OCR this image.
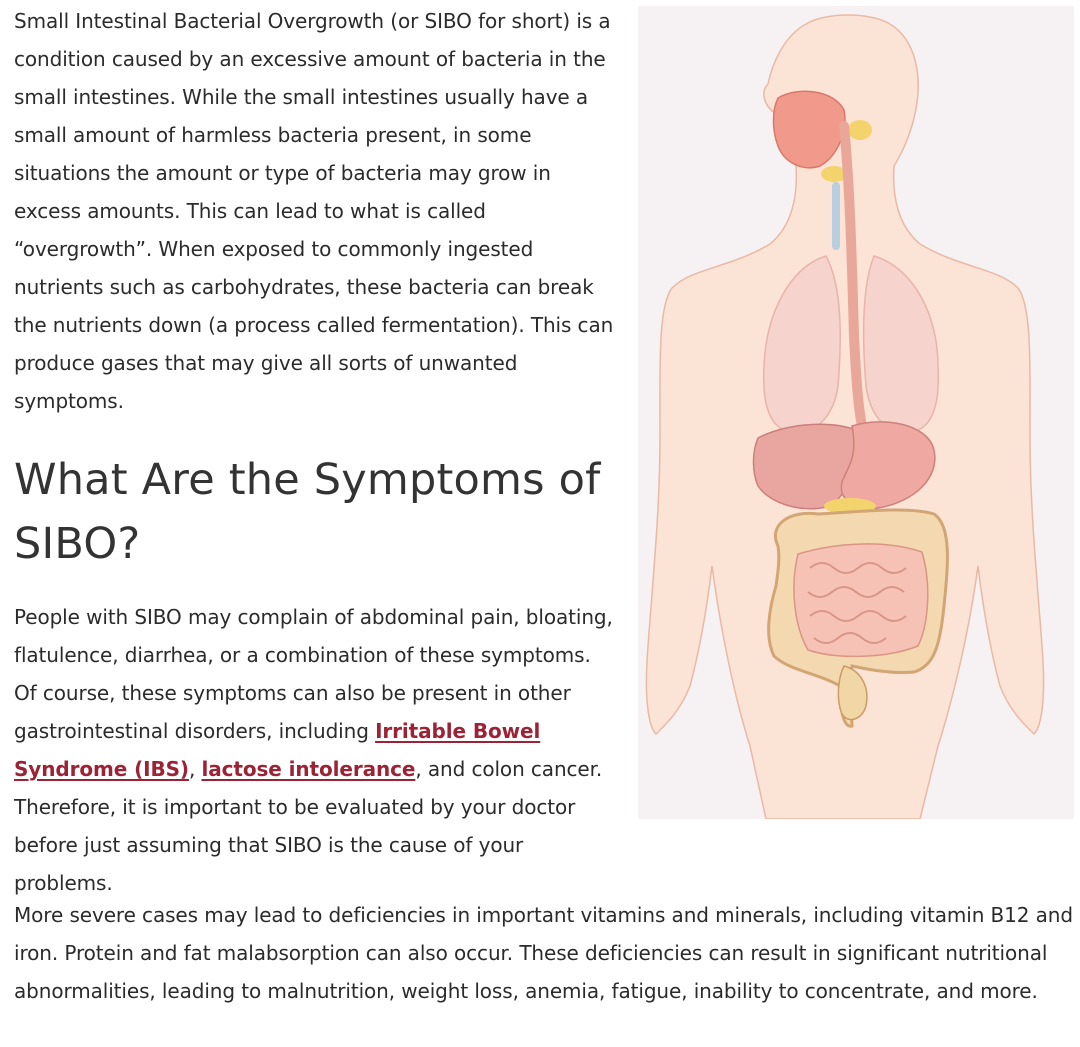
Small Intestinal Bacterial Overgrowth (or SIBO for short) is a condition caused by an excessive amount of bacteria in the small intestines. While the small intestines usually have a small amount of harmless bacteria present, in some situations the amount or type of bacteria may grow in excess amounts. This can lead to what is called “overgrowth”. When exposed to commonly ingested nutrients such as carbohydrates, these bacteria can break the nutrients down (a process called fermentation). This can produce gases that may give all sorts of unwanted symptoms.

What Are the Symptoms of SIBO?

People with SIBO may complain of abdominal pain, bloating, flatulence, diarrhea, or a combination of these symptoms. Of course, these symptoms can also be present in other gastrointestinal disorders, including Irritable Bowel Syndrome (IBS), lactose intolerance, and colon cancer. Therefore, it is important to be evaluated by your doctor before just assuming that SIBO is the cause of your problems.

More severe cases may lead to deficiencies in important vitamins and minerals, including vitamin B12 and iron. Protein and fat malabsorption can also occur. These deficiencies can result in significant nutritional abnormalities, leading to malnutrition, weight loss, anemia, fatigue, inability to concentrate, and more.
